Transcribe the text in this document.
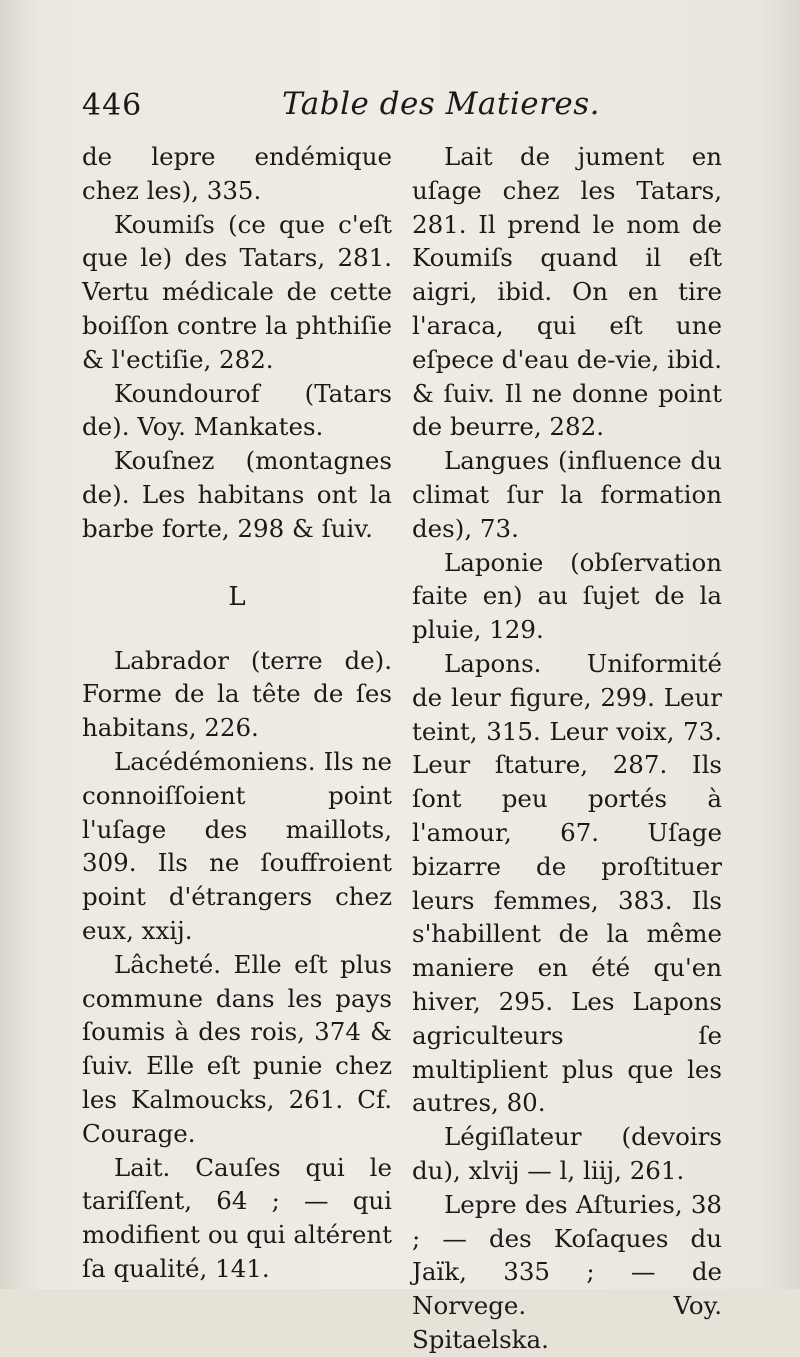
446	Table des Matieres.

de lepre endémique chez les), 335.

Koumiſs (ce que c'eſt que le) des Tatars, 281. Vertu médicale de cette boiſſon contre la phthiſie & l'ectiſie, 282.

Koundourof (Tatars de). Voy. Mankates.

Kouſnez (montagnes de). Les habitans ont la barbe forte, 298 & ſuiv.

L

Labrador (terre de). Forme de la tête de ſes habitans, 226.

Lacédémoniens. Ils ne connoiſſoient point l'uſage des maillots, 309. Ils ne ſouffroient point d'étrangers chez eux, xxij.

Lâcheté. Elle eſt plus commune dans les pays ſoumis à des rois, 374 & ſuiv. Elle eſt punie chez les Kalmoucks, 261. Cf. Courage.

Lait. Cauſes qui le tariſſent, 64 ; — qui modifient ou qui altérent ſa qualité, 141.

Lait de jument en uſage chez les Tatars, 281. Il prend le nom de Koumiſs quand il eſt aigri, ibid. On en tire l'araca, qui eſt une eſpece d'eau de-vie, ibid. & ſuiv. Il ne donne point de beurre, 282.

Langues (influence du climat ſur la formation des), 73.

Laponie (obſervation faite en) au ſujet de la pluie, 129.

Lapons. Uniformité de leur figure, 299. Leur teint, 315. Leur voix, 73. Leur ſtature, 287. Ils ſont peu portés à l'amour, 67. Uſage bizarre de proſtituer leurs femmes, 383. Ils s'habillent de la même maniere en été qu'en hiver, 295. Les Lapons agriculteurs ſe multiplient plus que les autres, 80.

Légiſlateur (devoirs du), xlvij — l, liij, 261.

Lepre des Aſturies, 38 ; — des Koſaques du Jaïk, 335 ; — de Norvege. Voy. Spitaelska.
